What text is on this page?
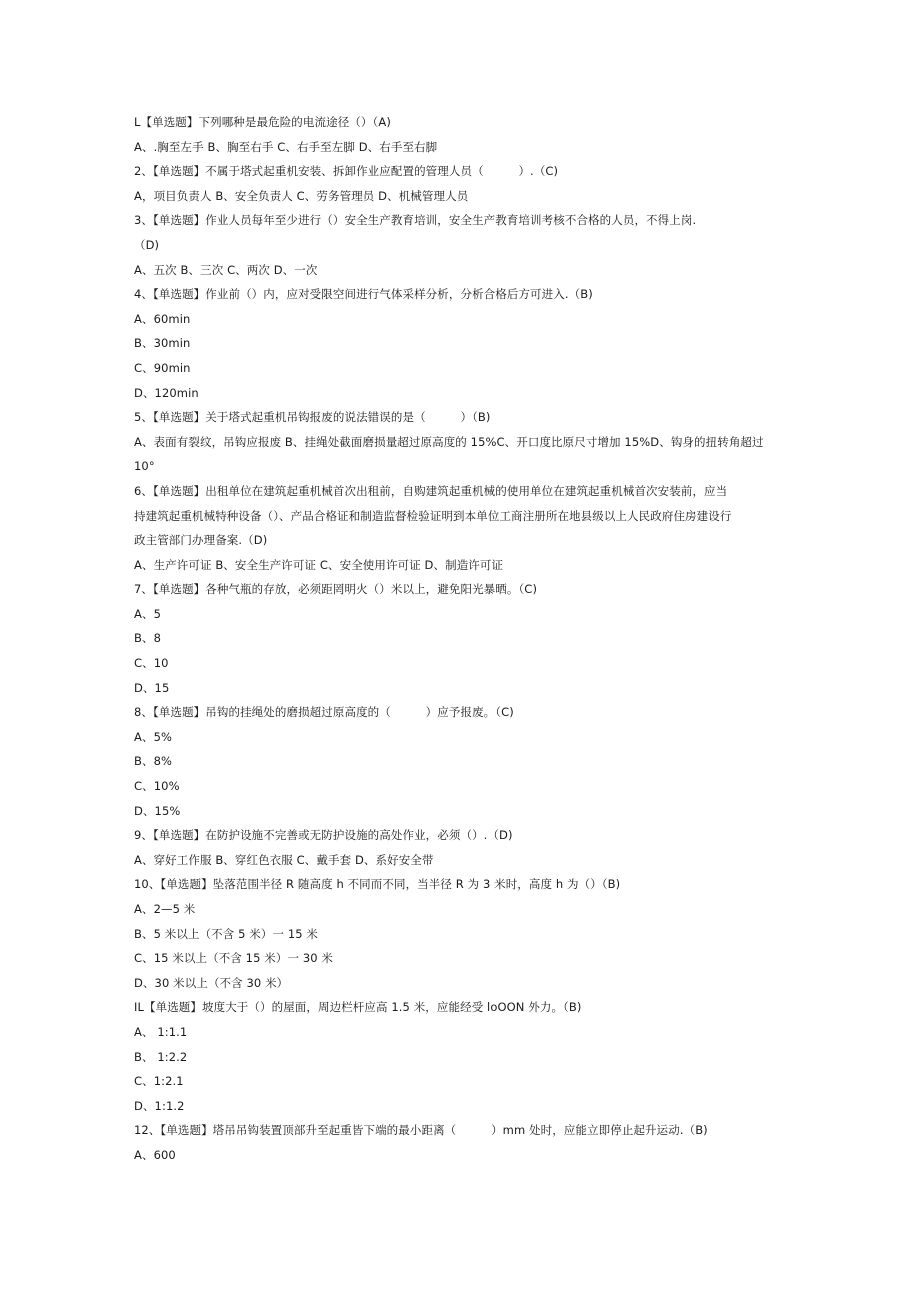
L【单选题】下列哪种是最危险的电流途径（）（A)
A、.胸至左手 B、胸至右手 C、右手至左脚 D、右手至右脚
2、【单选题】不属于塔式起重机安装、拆卸作业应配置的管理人员（　　　）.（C)
A，项目负责人 B、安全负责人 C、劳务管理员 D、机械管理人员
3、【单选题】作业人员每年至少进行（）安全生产教育培训，安全生产教育培训考核不合格的人员，不得上岗.
（D)
A、五次 B、三次 C、两次 D、一次
4、【单选题】作业前（）内，应对受限空间进行气体采样分析，分析合格后方可进入.（B)
A、60min
B、30min
C、90min
D、120min
5、【单选题】关于塔式起重机吊钩报废的说法错误的是（　　　）（B)
A、表面有裂纹，吊钩应报废 B、挂绳处截面磨损量超过原高度的 15%C、开口度比原尺寸增加 15%D、钩身的扭转角超过
10°
6、【单选题】出租单位在建筑起重机械首次出租前，自购建筑起重机械的使用单位在建筑起重机械首次安装前，应当
持建筑起重机械特种设备（）、产品合格证和制造监督检验证明到本单位工商注册所在地县级以上人民政府住房建设行
政主管部门办理备案.（D)
A、生产许可证 B、安全生产许可证 C、安全使用许可证 D、制造许可证
7、【单选题】各种气瓶的存放，必须距罔明火（）米以上，避免阳光暴晒。（C)
A、5
B、8
C、10
D、15
8、【单选题】吊钩的挂绳处的磨损超过原高度的（　　　）应予报废。（C)
A、5%
B、8%
C、10%
D、15%
9、【单选题】在防护设施不完善或无防护设施的高处作业，必须（）.（D)
A、穿好工作服 B、穿红色衣服 C、戴手套 D、系好安全带
10、【单选题】坠落范围半径 R 随高度 h 不同而不同，当半径 R 为 3 米时，高度 h 为（）（B)
A、2—5 米
B、5 米以上（不含 5 米）一 15 米
C、15 米以上（不含 15 米）一 30 米
D、30 米以上（不含 30 米）
IL【单选题】坡度大于（）的屋面，周边栏杆应高 1.5 米，应能经受 loOON 外力。（B)
A、 1:1.1
B、 1:2.2
C、1:2.1
D、1:1.2
12、【单选题】塔吊吊钩装置顶部升至起重皆下端的最小距离（　　　）mm 处时，应能立即停止起升运动.（B)
A、600
